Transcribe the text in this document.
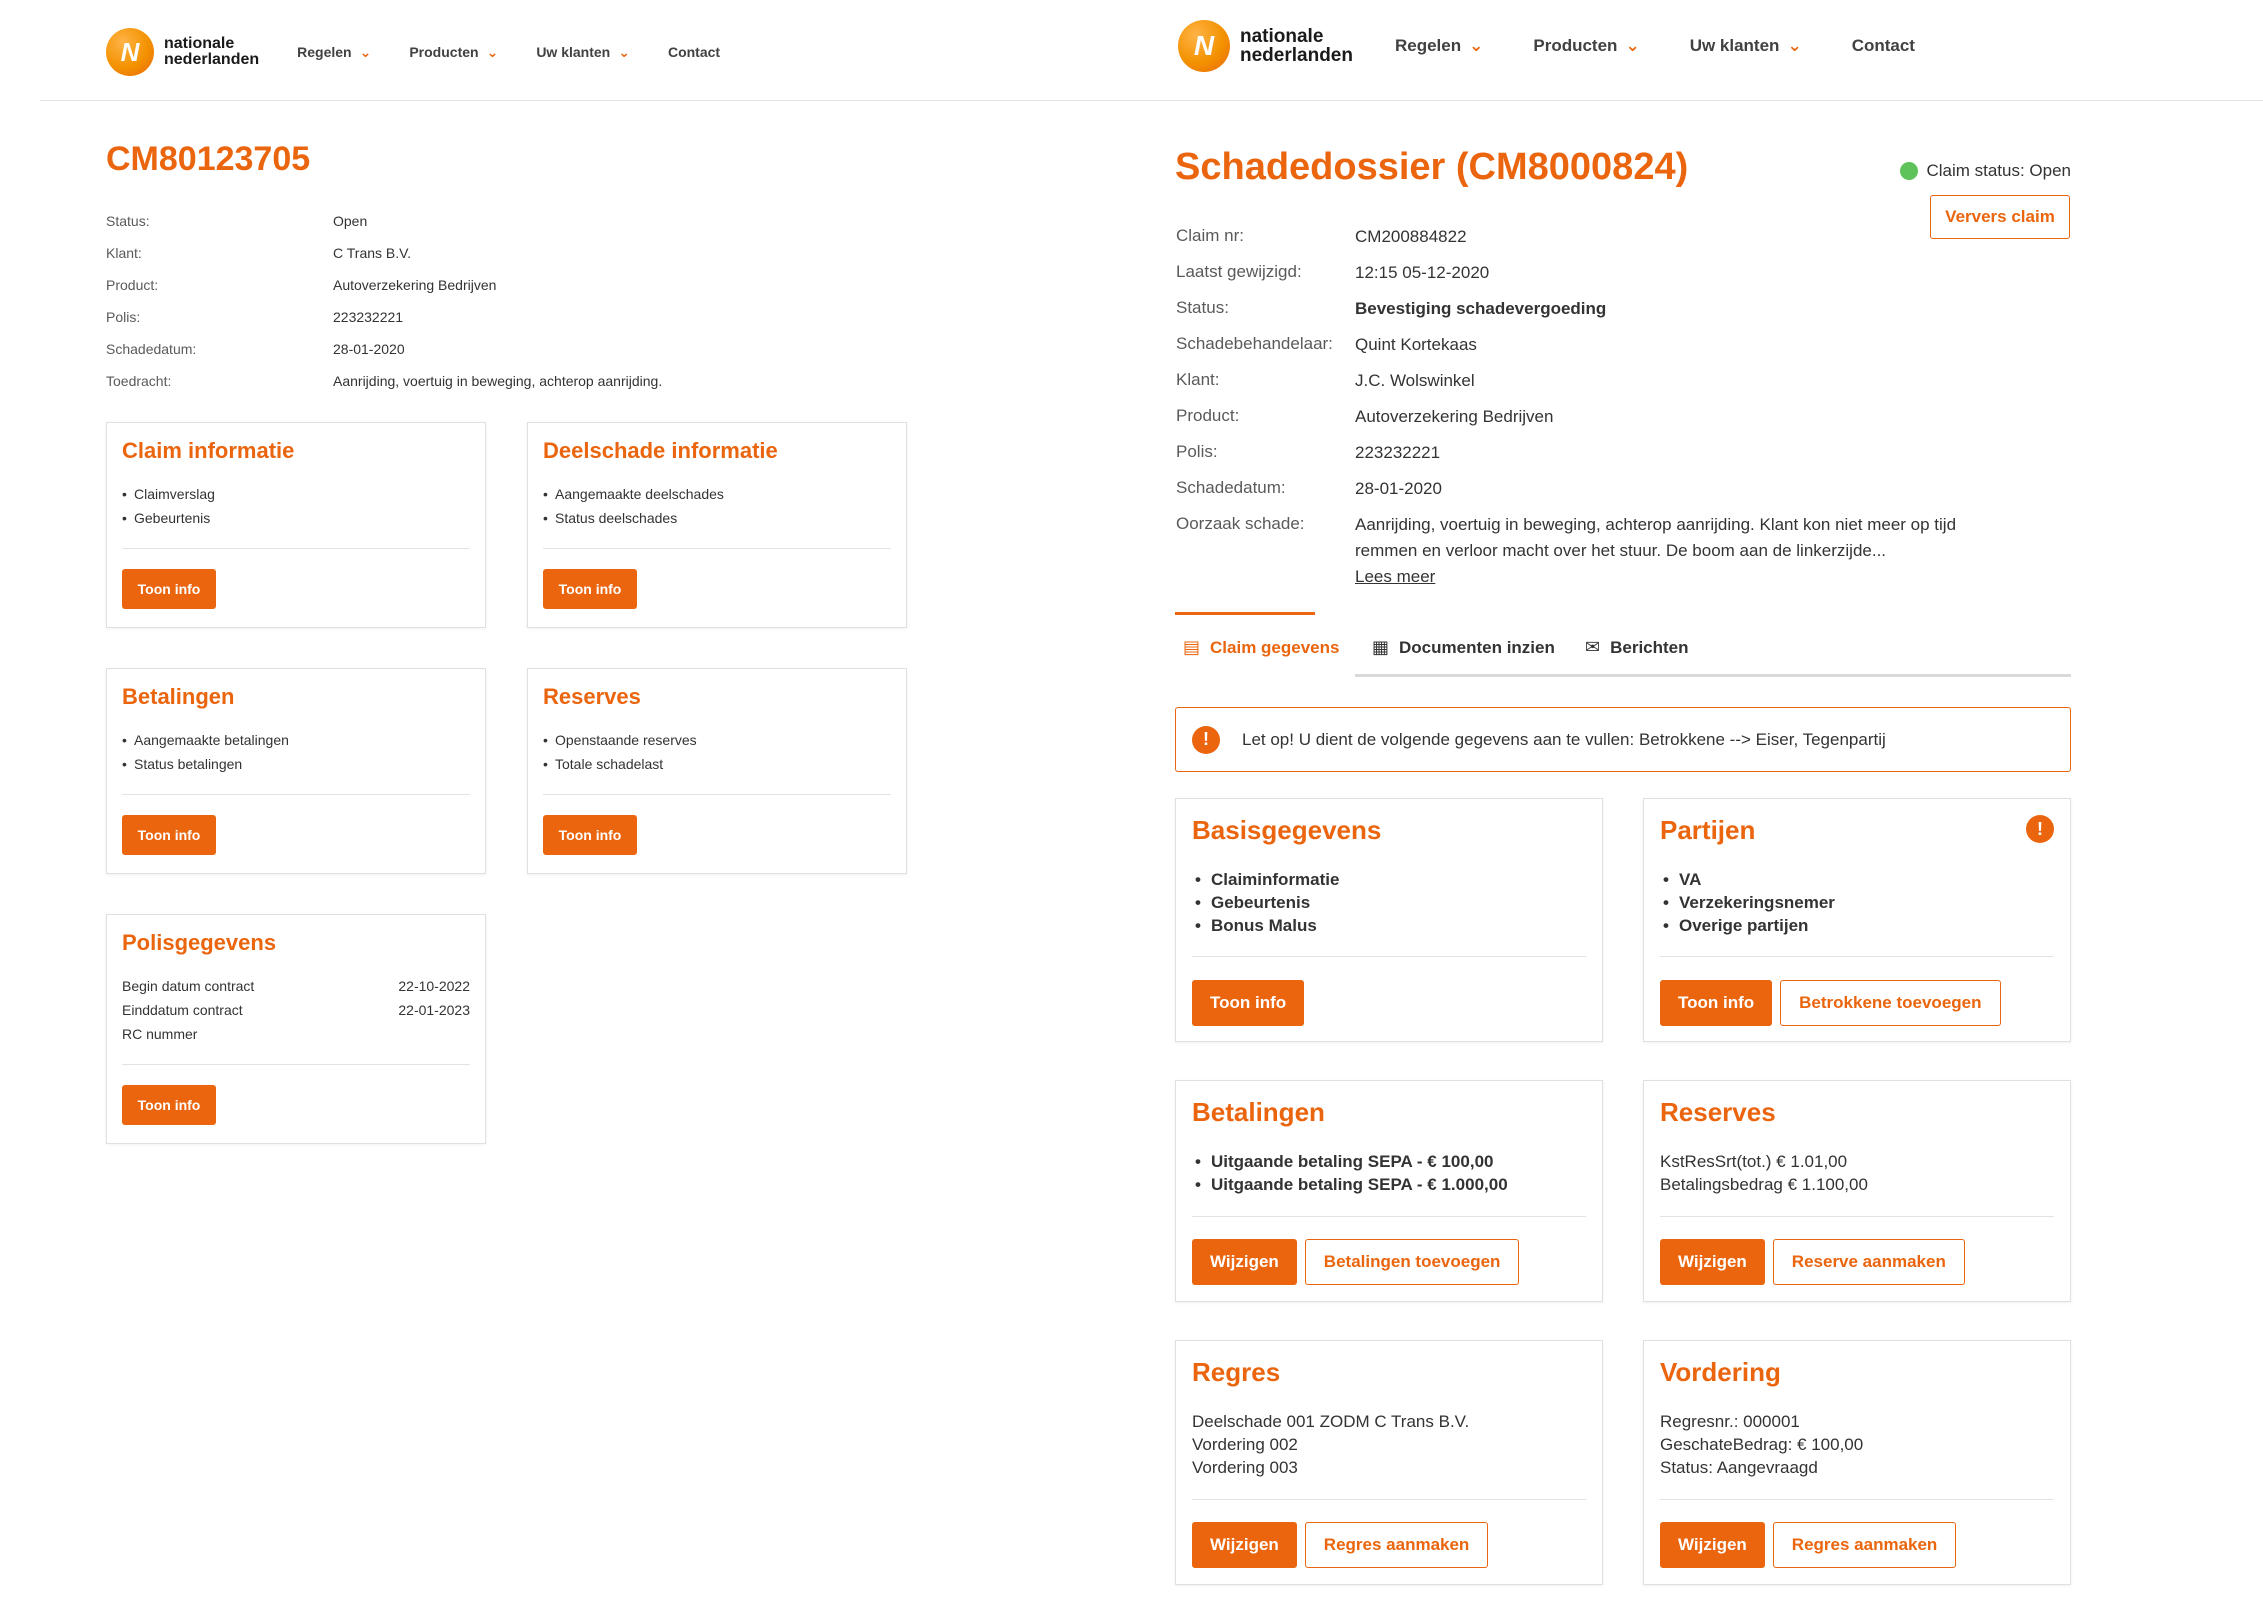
N	nationale
nederlanden	Regelen ⌄	Producten ⌄	Uw klanten ⌄	Contact
CM80123705
Status:	Open
Klant:	C Trans B.V.
Product:	Autoverzekering Bedrijven
Polis:	223232221
Schadedatum:	28-01-2020
Toedracht:	Aanrijding, voertuig in beweging, achterop aanrijding.
Claim informatie
• Claimverslag
• Gebeurtenis
Toon info
Deelschade informatie
• Aangemaakte deelschades
• Status deelschades
Toon info
Betalingen
• Aangemaakte betalingen
• Status betalingen
Toon info
Reserves
• Openstaande reserves
• Totale schadelast
Toon info
Polisgegevens
Begin datum contract	22-10-2022
Einddatum contract	22-01-2023
RC nummer
Toon info
N	nationale
nederlanden Regelen ⌄	Producten ⌄	Uw klanten ⌄	Contact
Schadedossier (CM8000824)	Claim status: Open
Ververs claim
Claim nr:	CM200884822
Laatst gewijzigd:	12:15 05-12-2020
Status:	Bevestiging schadevergoeding
Schadebehandelaar:	Quint Kortekaas
Klant:	J.C. Wolswinkel
Product:	Autoverzekering Bedrijven
Polis:	223232221
Schadedatum:	28-01-2020
Oorzaak schade:	Aanrijding, voertuig in beweging, achterop aanrijding. Klant kon niet meer op tijd remmen en verloor macht over het stuur. De boom aan de linkerzijde...
Lees meer
▤ Claim gegevens ▦ Documenten inzien ✉ Berichten
!	Let op! U dient de volgende gegevens aan te vullen: Betrokkene --> Eiser, Tegenpartij
Basisgegevens
• Claiminformatie
• Gebeurtenis
• Bonus Malus
Toon info
Partijen	!
• VA
• Verzekeringsnemer
• Overige partijen
Toon info	Betrokkene toevoegen
Betalingen
• Uitgaande betaling SEPA - € 100,00
• Uitgaande betaling SEPA - € 1.000,00
Wijzigen	Betalingen toevoegen
Reserves
KstResSrt(tot.) € 1.01,00
Betalingsbedrag € 1.100,00
Wijzigen	Reserve aanmaken
Regres
Deelschade 001 ZODM C Trans B.V.
Vordering 002
Vordering 003
Wijzigen	Regres aanmaken
Vordering
Regresnr.: 000001
GeschateBedrag: € 100,00
Status: Aangevraagd
Wijzigen	Regres aanmaken
